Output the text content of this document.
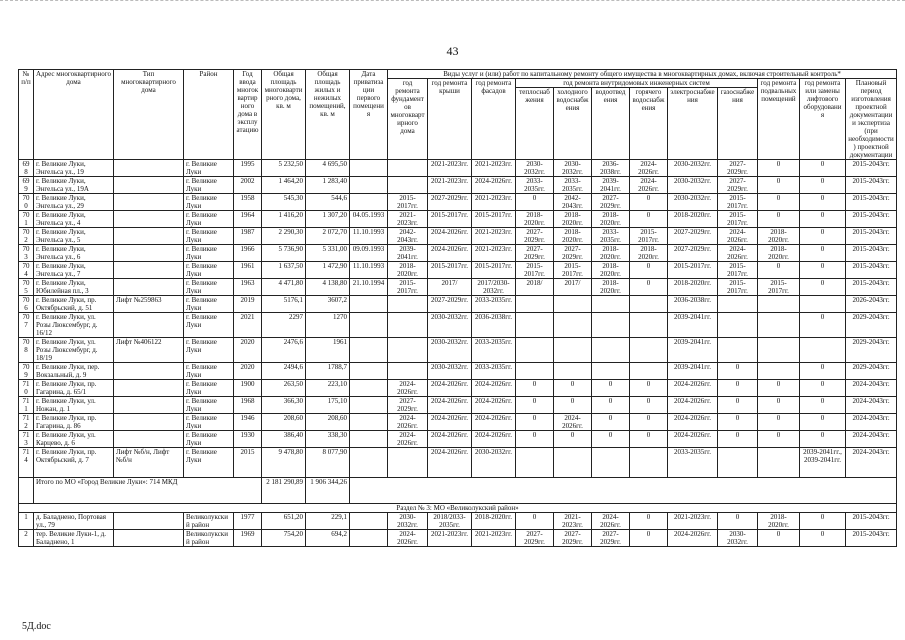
43
№ п/п	Адрес многоквартирного дома	Тип многоквартирного дома	Район	Год ввода многоквартирного дома в эксплуатацию	Общая площадь многоквартирного дома, кв. м	Общая площадь жилых и нежилых помещений, кв. м	Дата приватизации первого помещения	Виды услуг и (или) работ по капитальному ремонту общего имущества в многоквартирных домах, включая строительный контроль*											
								год ремонта фундаментов многоквартирного дома	год ремонта крыши	год ремонта фасадов	год ремонта внутридомовых инженерных систем						год ремонта подвальных помещений	год ремонта или замены лифтового оборудования	Плановый период изготовления проектной документации и экспертиза (при необходимости) проектной документации
											теплоснабжения	холодного водоснабжения	водоотведения	горячего водоснабжения	электроснабжения	газоснабжения			
698	г. Великие Луки, Энгельса ул., 19		г. Великие Луки	1995	5 232,50	4 695,50			2021-2023гг.	2021-2023гг.	2030-2032гг.	2030-2032гг.	2036-2038гг.	2024-2026гг.	2030-2032гг.	2027-2029гг.	0	0	2015-2043гг.
699	г. Великие Луки, Энгельса ул., 19А		г. Великие Луки	2002	1 464,20	1 283,40			2021-2023гг.	2024-2026гг.	2033-2035гг.	2033-2035гг.	2039-2041гг.	2024-2026гг.	2030-2032гг.	2027-2029гг.	0	0	2015-2043гг.
700	г. Великие Луки, Энгельса ул., 29		г. Великие Луки	1958	545,30	544,6		2015-2017гг.	2027-2029гг.	2021-2023гг.	0	2042-2043гг.	2027-2029гг.	0	2030-2032гг.	2015-2017гг.	0	0	2015-2043гг.
701	г. Великие Луки, Энгельса ул., 4		г. Великие Луки	1964	1 416,20	1 307,20	04.05.1993	2021-2023гг.	2015-2017гг.	2015-2017гг.	2018-2020гг.	2018-2020гг.	2018-2020гг.	0	2018-2020гг.	2015-2017гг.	0	0	2015-2043гг.
702	г. Великие Луки, Энгельса ул., 5		г. Великие Луки	1987	2 290,30	2 072,70	11.10.1993	2042-2043гг.	2024-2026гг.	2021-2023гг.	2027-2029гг.	2018-2020гг.	2033-2035гг.	2015-2017гг.	2027-2029гг.	2024-2026гг.	2018-2020гг.	0	2015-2043гг.
703	г. Великие Луки, Энгельса ул., 6		г. Великие Луки	1966	5 736,90	5 331,00	09.09.1993	2039-2041гг.	2024-2026гг.	2021-2023гг.	2027-2029гг.	2027-2029гг.	2018-2020гг.	2018-2020гг.	2027-2029гг.	2024-2026гг.	2018-2020гг.	0	2015-2043гг.
704	г. Великие Луки, Энгельса ул., 7		г. Великие Луки	1961	1 637,50	1 472,90	11.10.1993	2018-2020гг.	2015-2017гг.	2015-2017гг.	2015-2017гг.	2015-2017гг.	2018-2020гг.	0	2015-2017гг.	2015-2017гг.	0	0	2015-2043гг.
705	г. Великие Луки, Юбилейная пл., 3		г. Великие Луки	1963	4 471,80	4 138,80	21.10.1994	2015-2017гг.	2017/	2017/2030-2032гг.	2018/	2017/	2018-2020гг.	0	2018-2020гг.	2015-2017гг.	2015-2017гг.	0	2015-2043гг.
706	г. Великие Луки, пр. Октябрьский, д. 51	Лифт №259863	г. Великие Луки	2019	5176,1	3607,2			2027-2029гг.	2033-2035гг.					2036-2038гг.				2026-2043гг.
707	г. Великие Луки, ул. Розы Люксембург, д. 16/12		г. Великие Луки	2021	2297	1270			2030-2032гг.	2036-2038гг.					2039-2041гг.			0	2029-2043гг.
708	г. Великие Луки, ул. Розы Люксембург, д. 18/19	Лифт №406122	г. Великие Луки	2020	2476,6	1961			2030-2032гг.	2033-2035гг.					2039-2041гг.				2029-2043гг.
709	г. Великие Луки, пер. Вокзальный, д. 9		г. Великие Луки	2020	2494,6	1788,7			2030-2032гг.	2033-2035гг.					2039-2041гг.	0		0	2029-2043гг.
710	г. Великие Луки, пр. Гагарина, д. 65/1		г. Великие Луки	1900	263,50	223,10		2024-2026гг.	2024-2026гг.	2024-2026гг.	0	0	0	0	2024-2026гг.	0	0	0	2024-2043гг.
711	г. Великие Луки, ул. Ножан, д. 1		г. Великие Луки	1968	366,30	175,10		2027-2029гг.	2024-2026гг.	2024-2026гг.	0	0	0	0	2024-2026гг.	0	0	0	2024-2043гг.
712	г. Великие Луки, пр. Гагарина, д. 86		г. Великие Луки	1946	208,60	208,60		2024-2026гг.	2024-2026гг.	2024-2026гг.	0	2024-2026гг.	0	0	2024-2026гг.	0	0	0	2024-2043гг.
713	г. Великие Луки, ул. Карцево, д. 6		г. Великие Луки	1930	386,40	338,30		2024-2026гг.	2024-2026гг.	2024-2026гг.	0	0	0	0	2024-2026гг.	0	0	0	2024-2043гг.
714	г. Великие Луки, пр. Октябрьский, д. 7	Лифт №б/н, Лифт №б/н	г. Великие Луки	2015	9 478,80	8 077,90			2024-2026гг.	2030-2032гг.					2033-2035гг.			2039-2041гг., 2039-2041гг.	2024-2043гг.
	Итого по МО «Город Великие Луки»: 714 МКД				2 181 290,89	1 906 344,26													
Раздел № 3: МО «Великолукский район»																			
1	д. Баладнено, Портовая ул., 79		Великолукский район	1977	651,20	229,1		2030-2032гг.	2018/2033-2035гг.	2018-2020гг.	0	2021-2023гг.	2024-2026гг.	0	2021-2023гг.	0	2018-2020гг.	0	2015-2043гг.
2	тер. Великие Луки-1, д. Баладнено, 1		Великолукский район	1969	754,20	694,2		2024-2026гг.	2021-2023гг.	2021-2023гг.	2027-2029гг.	2027-2029гг.	2027-2029гг.	0	2024-2026гг.	2030-2032гг.	0	0	2015-2043гг.
5Д.doc
